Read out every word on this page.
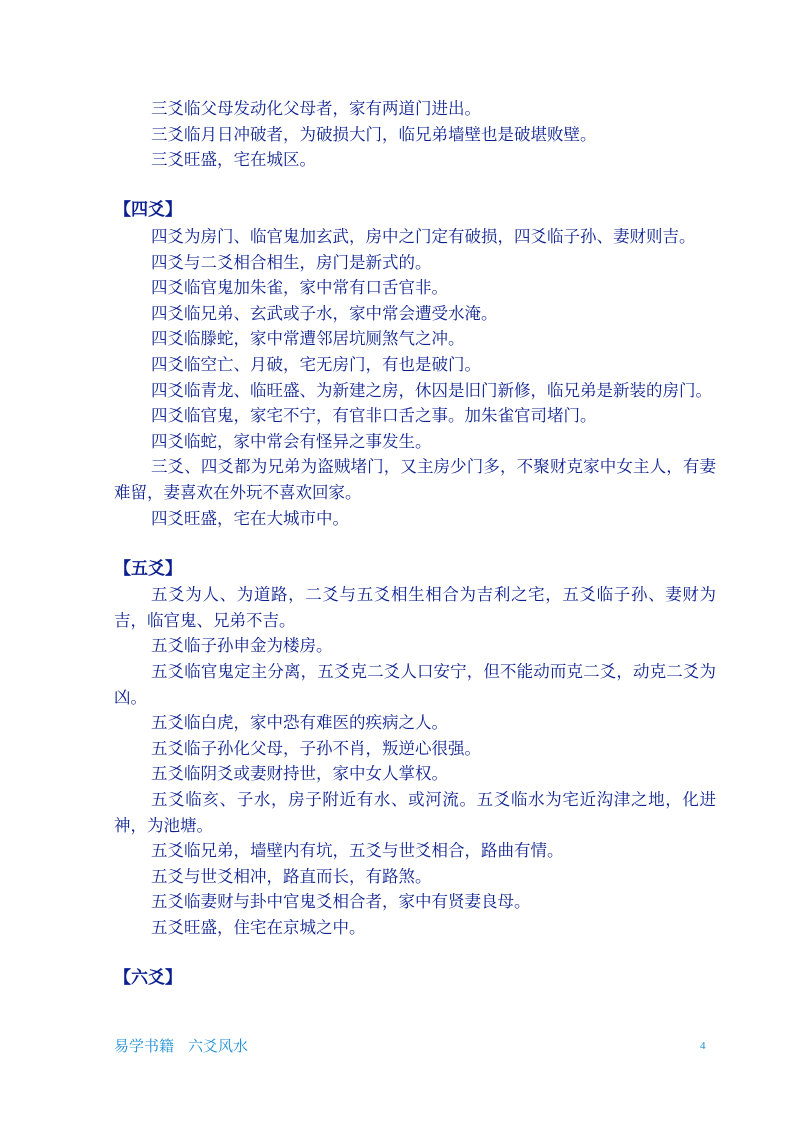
三爻临父母发动化父母者，家有两道门进出。

三爻临月日冲破者，为破损大门，临兄弟墙壁也是破堪败壁。

三爻旺盛，宅在城区。

【四爻】

四爻为房门、临官鬼加玄武，房中之门定有破损，四爻临子孙、妻财则吉。

四爻与二爻相合相生，房门是新式的。

四爻临官鬼加朱雀，家中常有口舌官非。

四爻临兄弟、玄武或子水，家中常会遭受水淹。

四爻临滕蛇，家中常遭邻居坑厕煞气之冲。

四爻临空亡、月破，宅无房门，有也是破门。

四爻临青龙、临旺盛、为新建之房，休囚是旧门新修，临兄弟是新装的房门。

四爻临官鬼，家宅不宁，有官非口舌之事。加朱雀官司堵门。

四爻临蛇，家中常会有怪异之事发生。

三爻、四爻都为兄弟为盗贼堵门，又主房少门多，不聚财克家中女主人，有妻难留，妻喜欢在外玩不喜欢回家。

四爻旺盛，宅在大城市中。

【五爻】

五爻为人、为道路，二爻与五爻相生相合为吉利之宅，五爻临子孙、妻财为吉，临官鬼、兄弟不吉。

五爻临子孙申金为楼房。

五爻临官鬼定主分离，五爻克二爻人口安宁，但不能动而克二爻，动克二爻为凶。

五爻临白虎，家中恐有难医的疾病之人。

五爻临子孙化父母，子孙不肖，叛逆心很强。

五爻临阴爻或妻财持世，家中女人掌权。

五爻临亥、子水，房子附近有水、或河流。五爻临水为宅近沟津之地，化进神，为池塘。

五爻临兄弟，墙壁内有坑，五爻与世爻相合，路曲有情。

五爻与世爻相冲，路直而长，有路煞。

五爻临妻财与卦中官鬼爻相合者，家中有贤妻良母。

五爻旺盛，住宅在京城之中。

【六爻】

易学书籍 六爻风水	4
